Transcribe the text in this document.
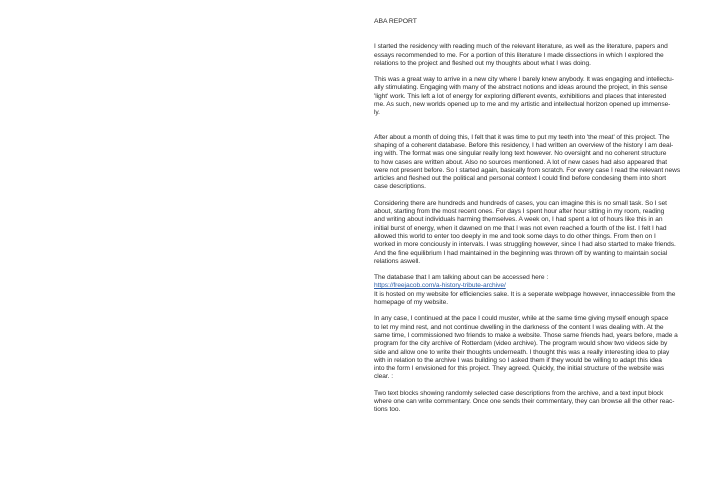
ABA REPORT

I started the residency with reading much of the relevant literature, as well as the literature, papers and
essays recommended to me. For a portion of this literature I made dissections in which I explored the
relations to the project and fleshed out my thoughts about what I was doing.

This was a great way to arrive in a new city where I barely knew anybody. It was engaging and intellectu-
ally stimulating. Engaging with many of the abstract notions and ideas around the project, in this sense
'light' work. This left a lot of energy for exploring different events, exhibitions and places that interested
me. As such, new worlds opened up to me and my artistic and intellectual horizon opened up immense-
ly.

After about a month of doing this, I felt that it was time to put my teeth into 'the meat' of this project. The
shaping of a coherent database. Before this residency, I had written an overview of the history I am deal-
ing with. The format was one singular really long text however. No oversight and no coherent structure
to how cases are written about. Also no sources mentioned. A lot of new cases had also appeared that
were not present before. So I started again, basically from scratch. For every case I read the relevant news
articles and fleshed out the political and personal context I could find before condesing them into short
case descriptions.

Considering there are hundreds and hundreds of cases, you can imagine this is no small task. So I set
about, starting from the most recent ones. For days I spent hour after hour sitting in my room, reading
and writing about individuals harming themselves. A week on, I had spent a lot of hours like this in an
initial burst of energy, when it dawned on me that I was not even reached a fourth of the list. I felt I had
allowed this world to enter too deeply in me and took some days to do other things. From then on I
worked in more conciously in intervals. I was struggling however, since I had also started to make friends.
And the fine equilibrium I had maintained in the beginning was thrown off by wanting to maintain social
relations aswell.

The database that I am talking about can be accessed here :

https://freejacob.com/a-history-tribute-archive/

It is hosted on my website for efficiencies sake. It is a seperate webpage however, innaccessible from the
homepage of my website.

In any case, I continued at the pace I could muster, while at the same time giving myself enough space
to let my mind rest, and not continue dwelling in the darkness of the content I was dealing with. At the
same time, I commissioned two friends to make a website. Those same friends had, years before, made a
program for the city archive of Rotterdam (video archive). The program would show two videos side by
side and allow one to write their thoughts underneath. I thought this was a really interesting idea to play
with in relation to the archive I was building so I asked them if they would be willing to adapt this idea
into the form I envisioned for this project. They agreed. Quickly, the initial structure of the website was
clear. :

Two text blocks showing randomly selected case descriptions from the archive, and a text input block
where one can write commentary. Once one sends their commentary, they can browse all the other reac-
tions too.
